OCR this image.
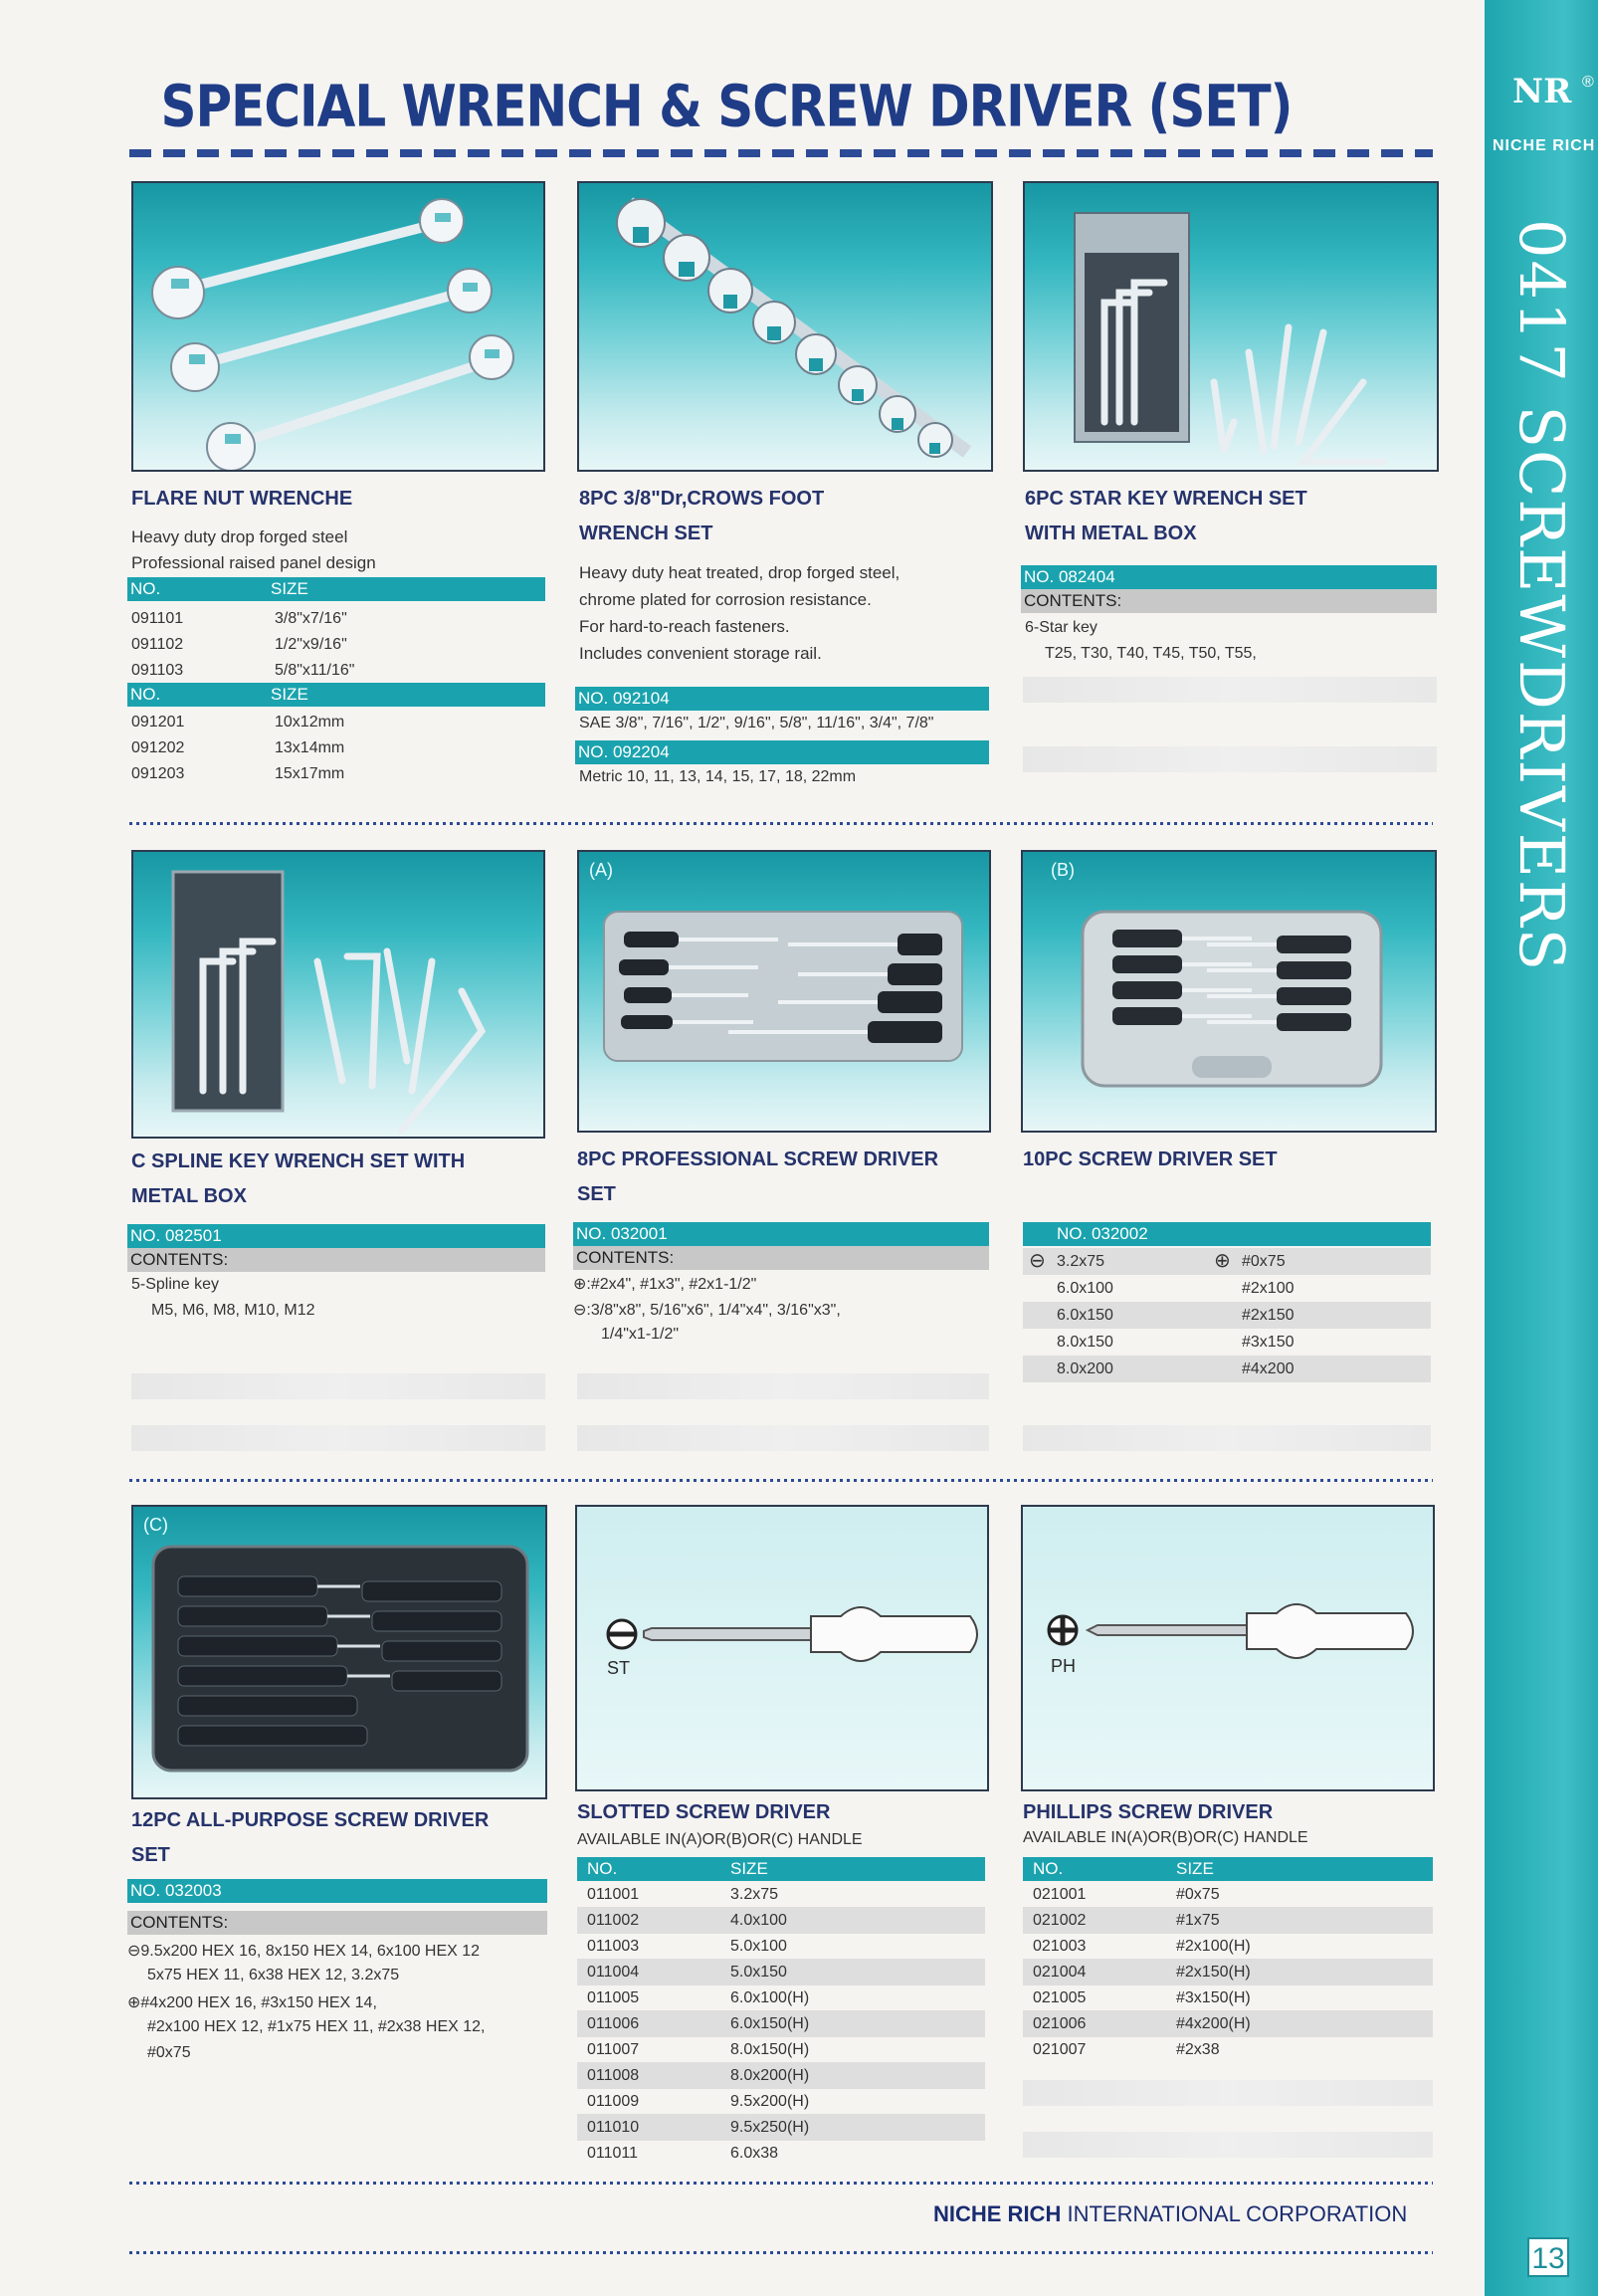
SPECIAL WRENCH & SCREW DRIVER (SET)	NR ®
NICHE RICH
0417 SCREWDRIVERS
13
FLARE NUT WRENCHE
Heavy duty drop forged steel
Professional raised panel design
NO.	SIZE
091101	3/8"x7/16"
091102	1/2"x9/16"
091103	5/8"x11/16"
NO.	SIZE
091201	10x12mm
091202	13x14mm
091203	15x17mm
8PC 3/8"Dr,CROWS FOOT
WRENCH SET
Heavy duty heat treated, drop forged steel,
chrome plated for corrosion resistance.
For hard-to-reach fasteners.
Includes convenient storage rail.
NO. 092104
SAE 3/8", 7/16", 1/2", 9/16", 5/8", 11/16", 3/4", 7/8"
NO. 092204
Metric 10, 11, 13, 14, 15, 17, 18, 22mm
6PC STAR KEY WRENCH SET
WITH METAL BOX
NO. 082404
CONTENTS:
6-Star key
T25, T30, T40, T45, T50, T55,
C SPLINE KEY WRENCH SET WITH
METAL BOX
NO. 082501
CONTENTS:
5-Spline key
M5, M6, M8, M10, M12
(A)
8PC PROFESSIONAL SCREW DRIVER
SET
NO. 032001
CONTENTS:
⊕:#2x4", #1x3", #2x1-1/2"
⊖:3/8"x8", 5/16"x6", 1/4"x4", 3/16"x3",
1/4"x1-1/2"
(B)
10PC SCREW DRIVER SET
NO. 032002
⊖ 3.2x75	⊕ #0x75
6.0x100	#2x100
6.0x150	#2x150
8.0x150	#3x150
8.0x200	#4x200
(C)
12PC ALL-PURPOSE SCREW DRIVER
SET
NO. 032003
CONTENTS:
⊖9.5x200 HEX 16, 8x150 HEX 14, 6x100 HEX 12
5x75 HEX 11, 6x38 HEX 12, 3.2x75
⊕#4x200 HEX 16, #3x150 HEX 14,
#2x100 HEX 12, #1x75 HEX 11, #2x38 HEX 12,
#0x75
ST
SLOTTED SCREW DRIVER
AVAILABLE IN(A)OR(B)OR(C) HANDLE
NO.	SIZE
011001	3.2x75
011002	4.0x100
011003	5.0x100
011004	5.0x150
011005	6.0x100(H)
011006	6.0x150(H)
011007	8.0x150(H)
011008	8.0x200(H)
011009	9.5x200(H)
011010	9.5x250(H)
011011	6.0x38
PH
PHILLIPS SCREW DRIVER
AVAILABLE IN(A)OR(B)OR(C) HANDLE
NO.	SIZE
021001	#0x75
021002	#1x75
021003	#2x100(H)
021004	#2x150(H)
021005	#3x150(H)
021006	#4x200(H)
021007	#2x38
NICHE RICH INTERNATIONAL CORPORATION
